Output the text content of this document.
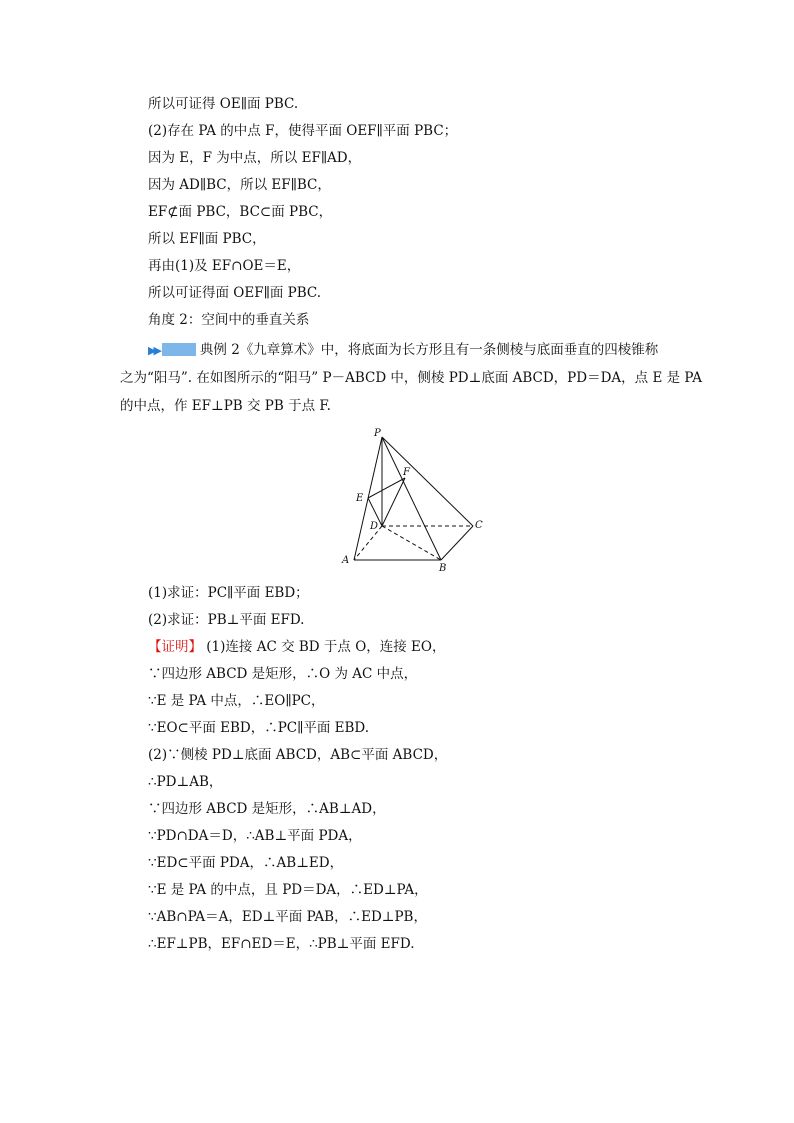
所以可证得 OE∥面 PBC.
(2)存在 PA 的中点 F，使得平面 OEF∥平面 PBC；
因为 E，F 为中点，所以 EF∥AD，
因为 AD∥BC，所以 EF∥BC，
EF⊄面 PBC，BC⊂面 PBC，
所以 EF∥面 PBC，
再由(1)及 EF∩OE＝E，
所以可证得面 OEF∥面 PBC.
角度 2：空间中的垂直关系
▶▶	典例 2《九章算术》中，将底面为长方形且有一条侧棱与底面垂直的四棱锥称
之为“阳马”. 在如图所示的“阳马” P－ABCD 中，侧棱 PD⊥底面 ABCD，PD＝DA，点 E 是 PA
的中点，作 EF⊥PB 交 PB 于点 F.
P
F
E
D	C
A
B
(1)求证：PC∥平面 EBD；
(2)求证：PB⊥平面 EFD.
【证明】 (1)连接 AC 交 BD 于点 O，连接 EO，
∵四边形 ABCD 是矩形，∴O 为 AC 中点，
∵E 是 PA 中点，∴EO∥PC，
∵EO⊂平面 EBD，∴PC∥平面 EBD.
(2)∵侧棱 PD⊥底面 ABCD，AB⊂平面 ABCD，
∴PD⊥AB，
∵四边形 ABCD 是矩形，∴AB⊥AD，
∵PD∩DA＝D，∴AB⊥平面 PDA，
∵ED⊂平面 PDA，∴AB⊥ED，
∵E 是 PA 的中点，且 PD＝DA，∴ED⊥PA，
∵AB∩PA＝A，ED⊥平面 PAB，∴ED⊥PB，
∴EF⊥PB，EF∩ED＝E，∴PB⊥平面 EFD.
